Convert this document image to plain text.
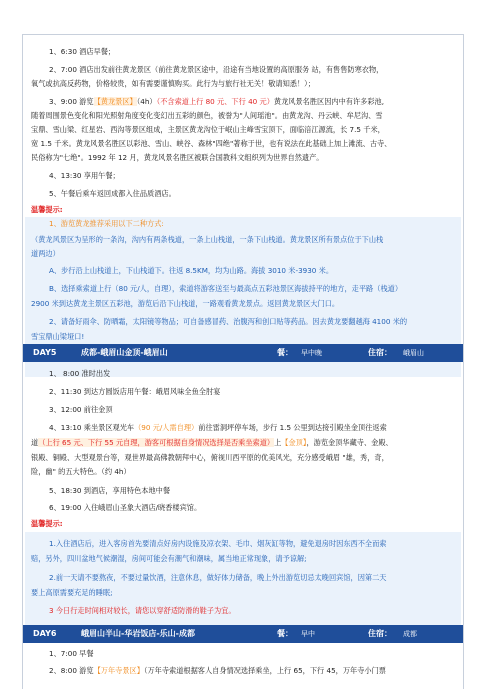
1、6:30 酒店早餐；
2、7:00 酒店出发前往黄龙景区（前往黄龙景区途中，沿途有当地设置的高原服务 站，有售售防寒衣物，
氧气或抗高反药物，价格较贵，如有需要谨慎购买。此行为与旅行社无关！敬请知悉！）；
3、9:00 游览【黄龙景区】（4h）（不含索道上行 80 元、下行 40 元）黄龙风景名胜区因内中有许多彩池,
随着周围景色变化和阳光照射角度变化变幻出五彩的颜色，被誉为"人间瑶池"。由黄龙沟、丹云峡、牟尼沟、雪
宝鼎、雪山梁、红星岩、西沟等景区组成，主景区黄龙沟位于岷山主峰雪宝顶下，面临涪江源流，长 7.5 千米，
宽 1.5 千米。黄龙风景名胜区以彩池、雪山、峡谷、森林"四绝"著称于世，也有说法在此基础上加上滩流、古寺、
民俗称为"七绝"。1992 年 12 月，黄龙风景名胜区被联合国教科文组织列为世界自然遗产。
4、13:30 享用午餐；
5、午餐后乘车返回成都入住品质酒店。
温馨提示:
1、游览黄龙推荐采用以下二种方式:
（黄龙风景区为呈形的一条沟，沟内有两条栈道，一条上山栈道，一条下山栈道。黄龙景区所有景点位于下山栈
道两边）
A、步行沿上山栈道上，下山栈道下。往返 8.5KM，均为山路。海拔 3010 米-3930 米。
B、选择乘索道上行（80 元/人，自理），索道将游客送至与最高点五彩池景区海拔持平的地方，走平路（栈道）
2900 米到达黄龙主景区五彩池，游览后沿下山栈道，一路观看黄龙景点。返回黄龙景区大门口。
2、请备好雨伞、防晒霜，太阳镜等物品；可自备感冒药、治腹泻和创口贴等药品。因去黄龙要翻越海 4100 米的
雪宝鼎山梁垭口!
DAY5	成都-峨眉山金顶-峨眉山	餐： 早中晚	住宿： 峨眉山
1、 8:00 准时出发
2、11:30 到达方圆饭店用午餐：峨眉风味全鱼全肘宴
3、12:00 前往金顶
4、13:10 乘坐景区观光车（90 元/人需自理）前往雷洞坪停车场，步行 1.5 公里到达接引殿坐金顶往返索
道（上行 65 元、下行 55 元自理，游客可根据自身情况选择是否乘坐索道）上【金顶】，游览金顶华藏寺、金殿、
银殿、铜殿、大型观景台等，观世界最高佛教朝拜中心，俯视川西平原的优美风光，充分感受峨眉 "雄，秀，奇，
险，幽" 的五大特色。（约 4h）
5、18:30 到酒店，享用特色本地中餐
6、19:00 入住峨眉山圣象大酒店/晓香楼宾馆。
温馨提示:
1.入住酒店后，进入客房首先要清点好房内设施及凉衣架、毛巾、烟灰缸等物，避免退房时因东西不全而索
赔，另外，四川盆地气候潮湿，房间可能会有潮气和潮味，属当地正常现象，请予谅解;
2.前一天请不要熬夜，不要过量饮酒，注意休息，做好体力储备，晚上外出游览切忌太晚回宾馆，因第二天
要上高原需要充足的睡眠;
3 今日行走时间相对较长，请您以穿舒适防滑的鞋子为宜。
DAY6	峨眉山半山-华岩饭店-乐山-成都	餐： 早中	住宿： 成都
1、7:00 早餐
2、8:00 游览【万年寺景区】（万年寺索道根据客人自身情况选择乘坐，上行 65，下行 45，万年寺小门票
